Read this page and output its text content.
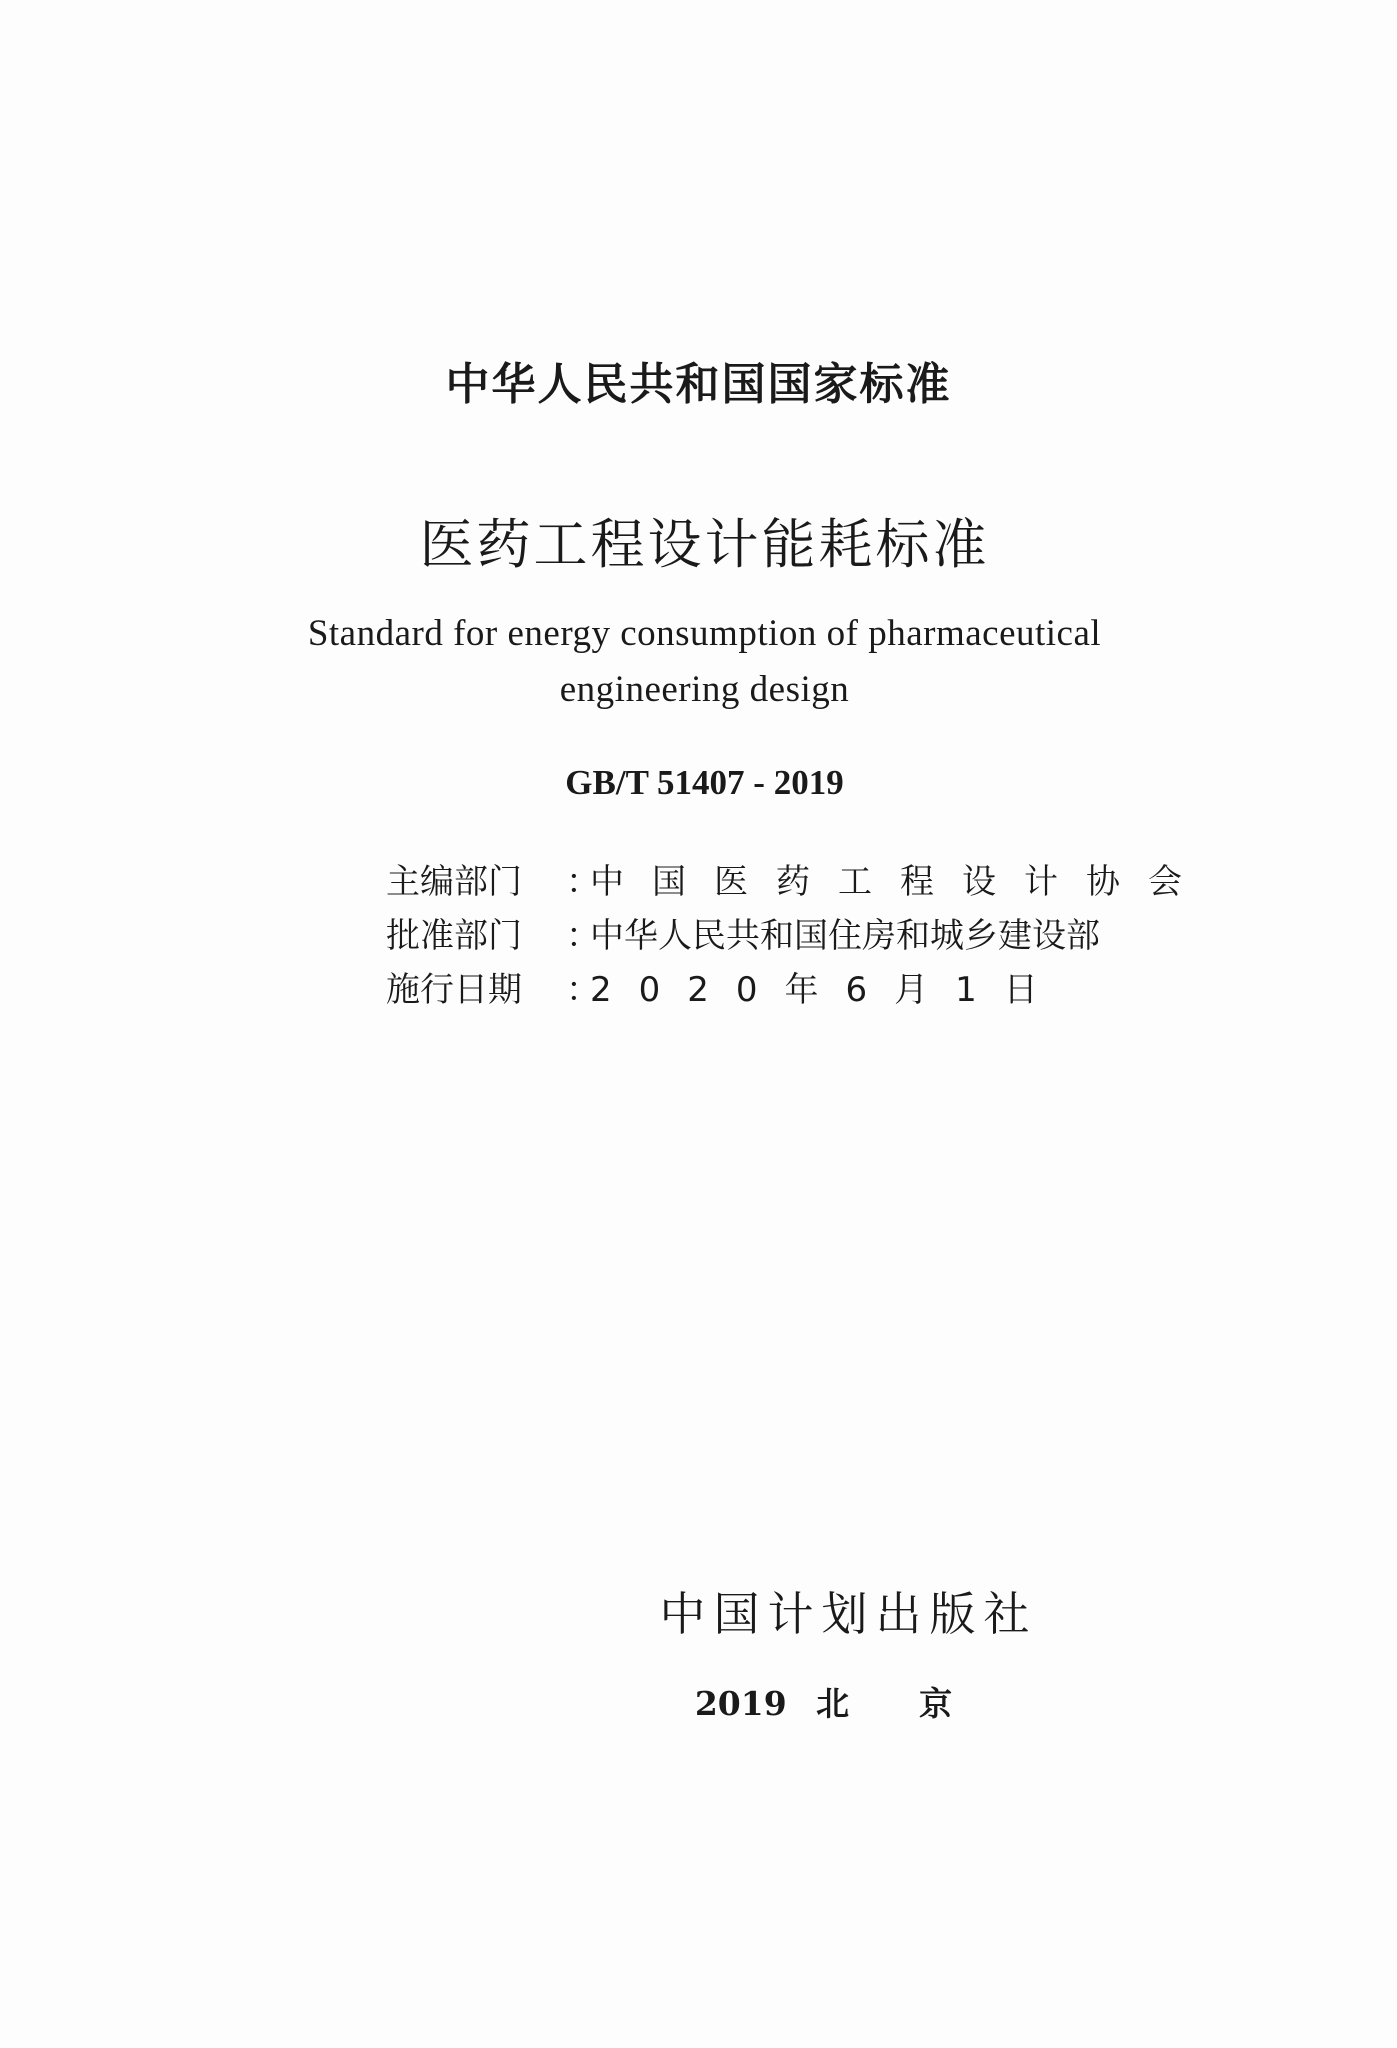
中华人民共和国国家标准
医药工程设计能耗标准
Standard for energy consumption of pharmaceutical
engineering design
GB/T 51407 - 2019
主编部门	：
中国医药工程设计协会
批准部门	：
中华人民共和国住房和城乡建设部
施行日期	：
2020年6月1日
中国计划出版社
2019 北京
